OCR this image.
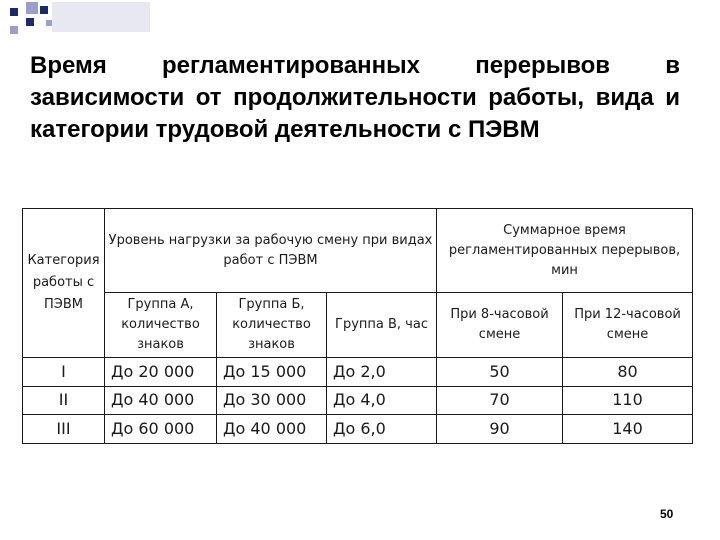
Время регламентированных перерывов в зависимости от продолжительности работы, вида и категории трудовой деятельности с ПЭВМ
Категория работы с ПЭВМ	Уровень нагрузки за рабочую смену при видах работ с ПЭВМ			Суммарное время регламентированных перерывов, мин	
	Группа А, количество знаков	Группа Б, количество знаков	Группа В, час	При 8-часовой смене	При 12-часовой смене
I	До 20 000	До 15 000	До 2,0	50	80
II	До 40 000	До 30 000	До 4,0	70	110
III	До 60 000	До 40 000	До 6,0	90	140
50
